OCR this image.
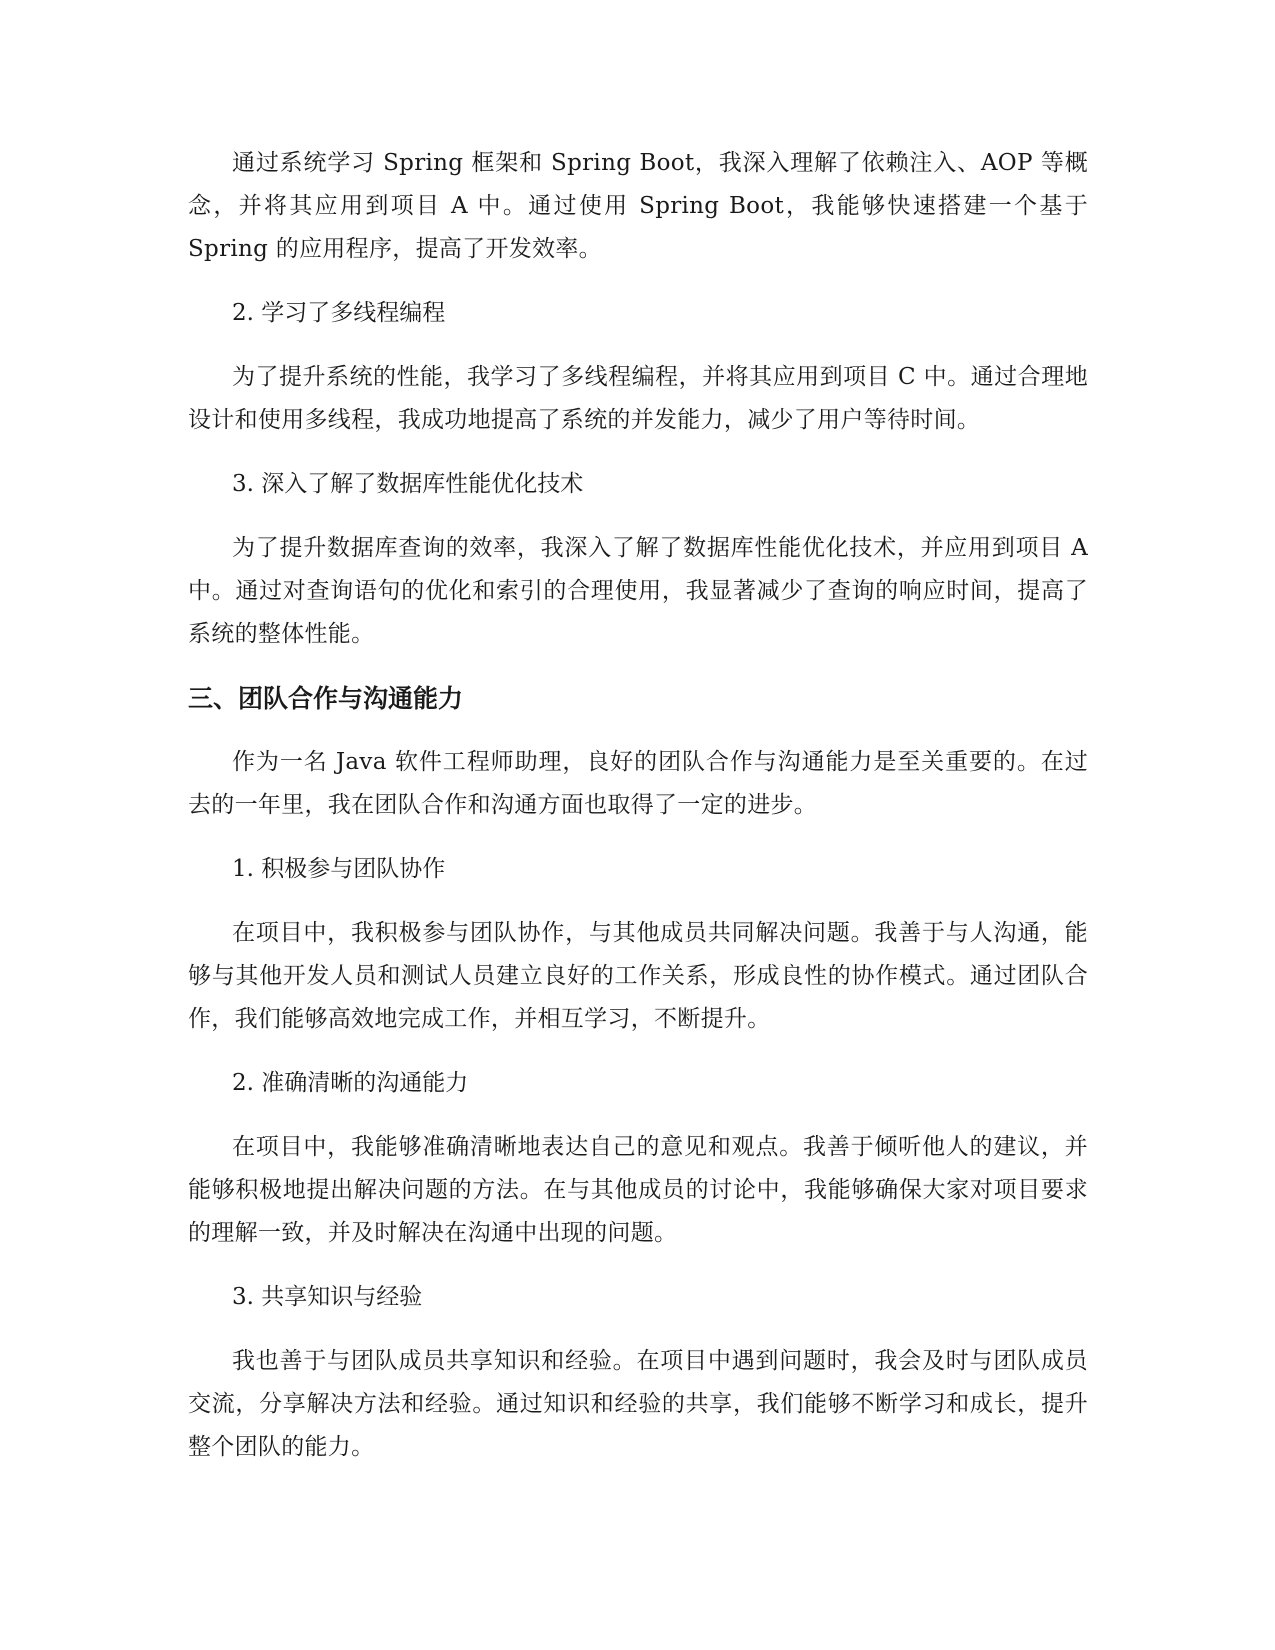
通过系统学习 Spring 框架和 Spring Boot，我深入理解了依赖注入、AOP 等概念，并将其应用到项目 A 中。通过使用 Spring Boot，我能够快速搭建一个基于 Spring 的应用程序，提高了开发效率。

2. 学习了多线程编程

为了提升系统的性能，我学习了多线程编程，并将其应用到项目 C 中。通过合理地设计和使用多线程，我成功地提高了系统的并发能力，减少了用户等待时间。

3. 深入了解了数据库性能优化技术

为了提升数据库查询的效率，我深入了解了数据库性能优化技术，并应用到项目 A 中。通过对查询语句的优化和索引的合理使用，我显著减少了查询的响应时间，提高了系统的整体性能。

三、团队合作与沟通能力

作为一名 Java 软件工程师助理，良好的团队合作与沟通能力是至关重要的。在过去的一年里，我在团队合作和沟通方面也取得了一定的进步。

1. 积极参与团队协作

在项目中，我积极参与团队协作，与其他成员共同解决问题。我善于与人沟通，能够与其他开发人员和测试人员建立良好的工作关系，形成良性的协作模式。通过团队合作，我们能够高效地完成工作，并相互学习，不断提升。

2. 准确清晰的沟通能力

在项目中，我能够准确清晰地表达自己的意见和观点。我善于倾听他人的建议，并能够积极地提出解决问题的方法。在与其他成员的讨论中，我能够确保大家对项目要求的理解一致，并及时解决在沟通中出现的问题。

3. 共享知识与经验

我也善于与团队成员共享知识和经验。在项目中遇到问题时，我会及时与团队成员交流，分享解决方法和经验。通过知识和经验的共享，我们能够不断学习和成长，提升整个团队的能力。
